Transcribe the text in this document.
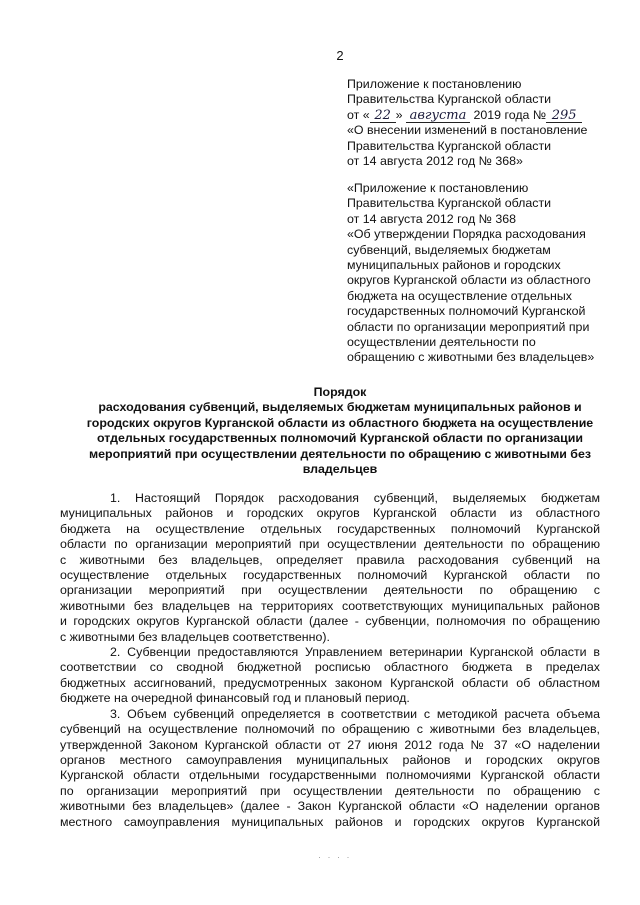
2
Приложение к постановлению
Правительства Курганской области
от « 22 » августа 2019 года № 295
«О внесении изменений в постановление
Правительства Курганской области
от 14 августа 2012 год № 368»
«Приложение к постановлению
Правительства Курганской области
от 14 августа 2012 год № 368
«Об утверждении Порядка расходования
субвенций, выделяемых бюджетам
муниципальных районов и городских
округов Курганской области из областного
бюджета на осуществление отдельных
государственных полномочий Курганской
области по организации мероприятий при
осуществлении деятельности по
обращению с животными без владельцев»
Порядок
расходования субвенций, выделяемых бюджетам муниципальных районов и
городских округов Курганской области из областного бюджета на осуществление
отдельных государственных полномочий Курганской области по организации
мероприятий при осуществлении деятельности по обращению с животными без
владельцев
1. Настоящий Порядок расходования субвенций, выделяемых бюджетам
муниципальных районов и городских округов Курганской области из областного
бюджета на осуществление отдельных государственных полномочий Курганской
области по организации мероприятий при осуществлении деятельности по обращению
с животными без владельцев, определяет правила расходования субвенций на
осуществление отдельных государственных полномочий Курганской области по
организации мероприятий при осуществлении деятельности по обращению с
животными без владельцев на территориях соответствующих муниципальных районов
и городских округов Курганской области (далее - субвенции, полномочия по обращению
с животными без владельцев соответственно).
2. Субвенции предоставляются Управлением ветеринарии Курганской области в
соответствии со сводной бюджетной росписью областного бюджета в пределах
бюджетных ассигнований, предусмотренных законом Курганской области об областном
бюджете на очередной финансовый год и плановый период.
3. Объем субвенций определяется в соответствии с методикой расчета объема
субвенций на осуществление полномочий по обращению с животными без владельцев,
утвержденной Законом Курганской области от 27 июня 2012 года № 37 «О наделении
органов местного самоуправления муниципальных районов и городских округов
Курганской области отдельными государственными полномочиями Курганской области
по организации мероприятий при осуществлении деятельности по обращению с
животными без владельцев» (далее - Закон Курганской области «О наделении органов
местного самоуправления муниципальных районов и городских округов Курганской
· · · ·
